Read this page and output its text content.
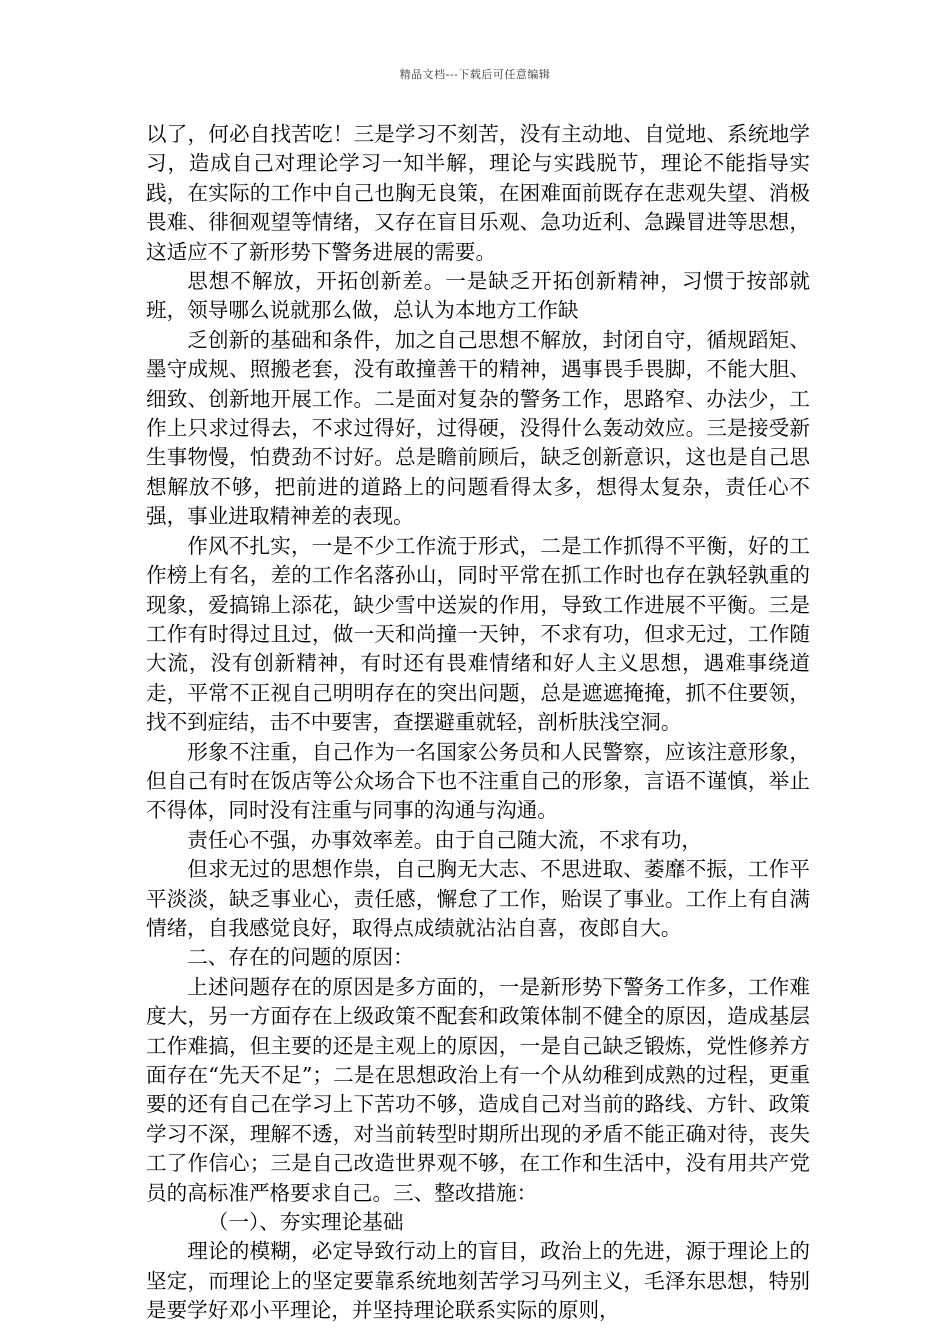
精品文档---下载后可任意编辑

以了，何必自找苦吃！三是学习不刻苦，没有主动地、自觉地、系统地学习，造成自己对理论学习一知半解，理论与实践脱节，理论不能指导实践，在实际的工作中自己也胸无良策，在困难面前既存在悲观失望、消极畏难、徘徊观望等情绪，又存在盲目乐观、急功近利、急躁冒进等思想，这适应不了新形势下警务进展的需要。

思想不解放，开拓创新差。一是缺乏开拓创新精神，习惯于按部就班，领导哪么说就那么做，总认为本地方工作缺

乏创新的基础和条件，加之自己思想不解放，封闭自守，循规蹈矩、墨守成规、照搬老套，没有敢撞善干的精神，遇事畏手畏脚，不能大胆、细致、创新地开展工作。二是面对复杂的警务工作，思路窄、办法少，工作上只求过得去，不求过得好，过得硬，没得什么轰动效应。三是接受新生事物慢，怕费劲不讨好。总是瞻前顾后，缺乏创新意识，这也是自己思想解放不够，把前进的道路上的问题看得太多，想得太复杂，责任心不强，事业进取精神差的表现。

作风不扎实，一是不少工作流于形式，二是工作抓得不平衡，好的工作榜上有名，差的工作名落孙山，同时平常在抓工作时也存在孰轻孰重的现象，爱搞锦上添花，缺少雪中送炭的作用，导致工作进展不平衡。三是工作有时得过且过，做一天和尚撞一天钟，不求有功，但求无过，工作随大流，没有创新精神，有时还有畏难情绪和好人主义思想，遇难事绕道走，平常不正视自己明明存在的突出问题，总是遮遮掩掩，抓不住要领，找不到症结，击不中要害，查摆避重就轻，剖析肤浅空洞。

形象不注重，自己作为一名国家公务员和人民警察，应该注意形象，但自己有时在饭店等公众场合下也不注重自己的形象，言语不谨慎，举止不得体，同时没有注重与同事的沟通与沟通。

责任心不强，办事效率差。由于自己随大流，不求有功，

但求无过的思想作祟，自己胸无大志、不思进取、萎靡不振，工作平平淡淡，缺乏事业心，责任感，懈怠了工作，贻误了事业。工作上有自满情绪，自我感觉良好，取得点成绩就沾沾自喜，夜郎自大。

二、存在的问题的原因：

上述问题存在的原因是多方面的，一是新形势下警务工作多，工作难度大，另一方面存在上级政策不配套和政策体制不健全的原因，造成基层工作难搞，但主要的还是主观上的原因，一是自己缺乏锻炼，党性修养方面存在“先天不足”；二是在思想政治上有一个从幼稚到成熟的过程，更重要的还有自己在学习上下苦功不够，造成自己对当前的路线、方针、政策学习不深，理解不透，对当前转型时期所出现的矛盾不能正确对待，丧失工了作信心；三是自己改造世界观不够，在工作和生活中，没有用共产党员的高标准严格要求自己。三、整改措施：

（一）、夯实理论基础

理论的模糊，必定导致行动上的盲目，政治上的先进，源于理论上的坚定，而理论上的坚定要靠系统地刻苦学习马列主义，毛泽东思想，特别是要学好邓小平理论，并坚持理论联系实际的原则，
